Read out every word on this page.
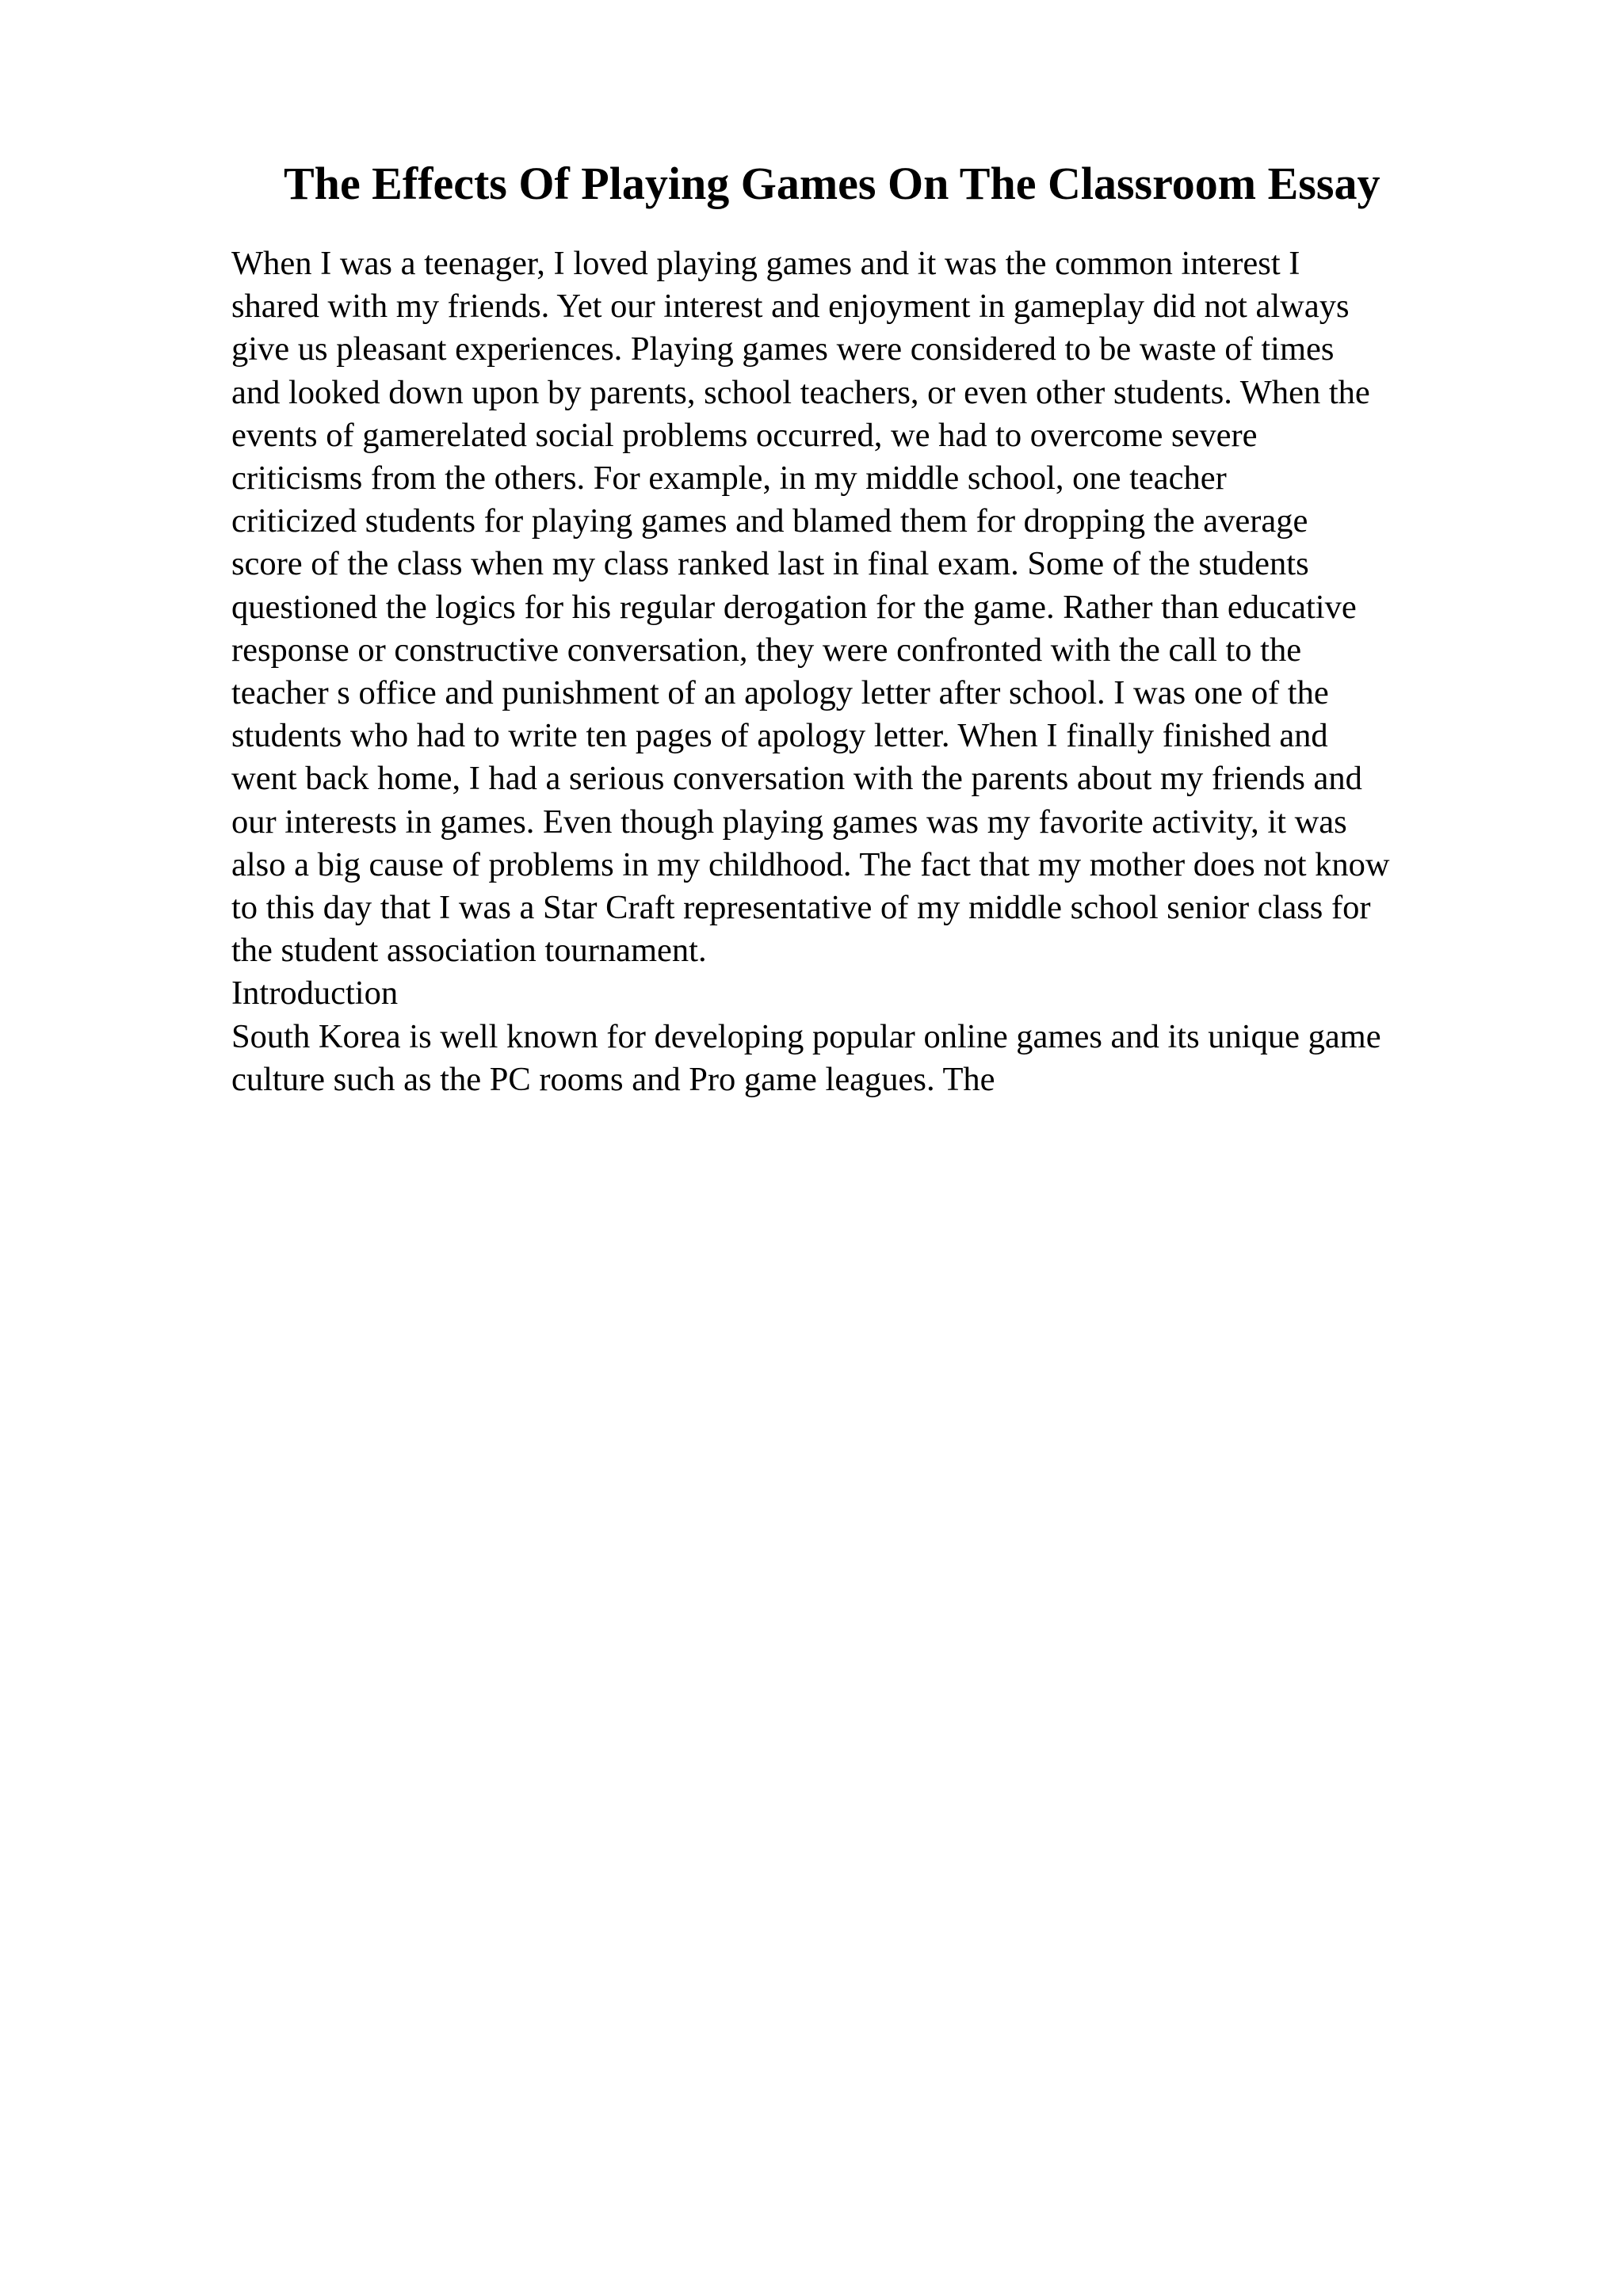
The Effects Of Playing Games On The Classroom Essay
When I was a teenager, I loved playing games and it was the common interest I
shared with my friends. Yet our interest and enjoyment in gameplay did not always
give us pleasant experiences. Playing games were considered to be waste of times
and looked down upon by parents, school teachers, or even other students. When the
events of gamerelated social problems occurred, we had to overcome severe
criticisms from the others. For example, in my middle school, one teacher
criticized students for playing games and blamed them for dropping the average
score of the class when my class ranked last in final exam. Some of the students
questioned the logics for his regular derogation for the game. Rather than educative
response or constructive conversation, they were confronted with the call to the
teacher s office and punishment of an apology letter after school. I was one of the
students who had to write ten pages of apology letter. When I finally finished and
went back home, I had a serious conversation with the parents about my friends and
our interests in games. Even though playing games was my favorite activity, it was
also a big cause of problems in my childhood. The fact that my mother does not know
to this day that I was a Star Craft representative of my middle school senior class for
the student association tournament.
Introduction
South Korea is well known for developing popular online games and its unique game
culture such as the PC rooms and Pro game leagues. The
